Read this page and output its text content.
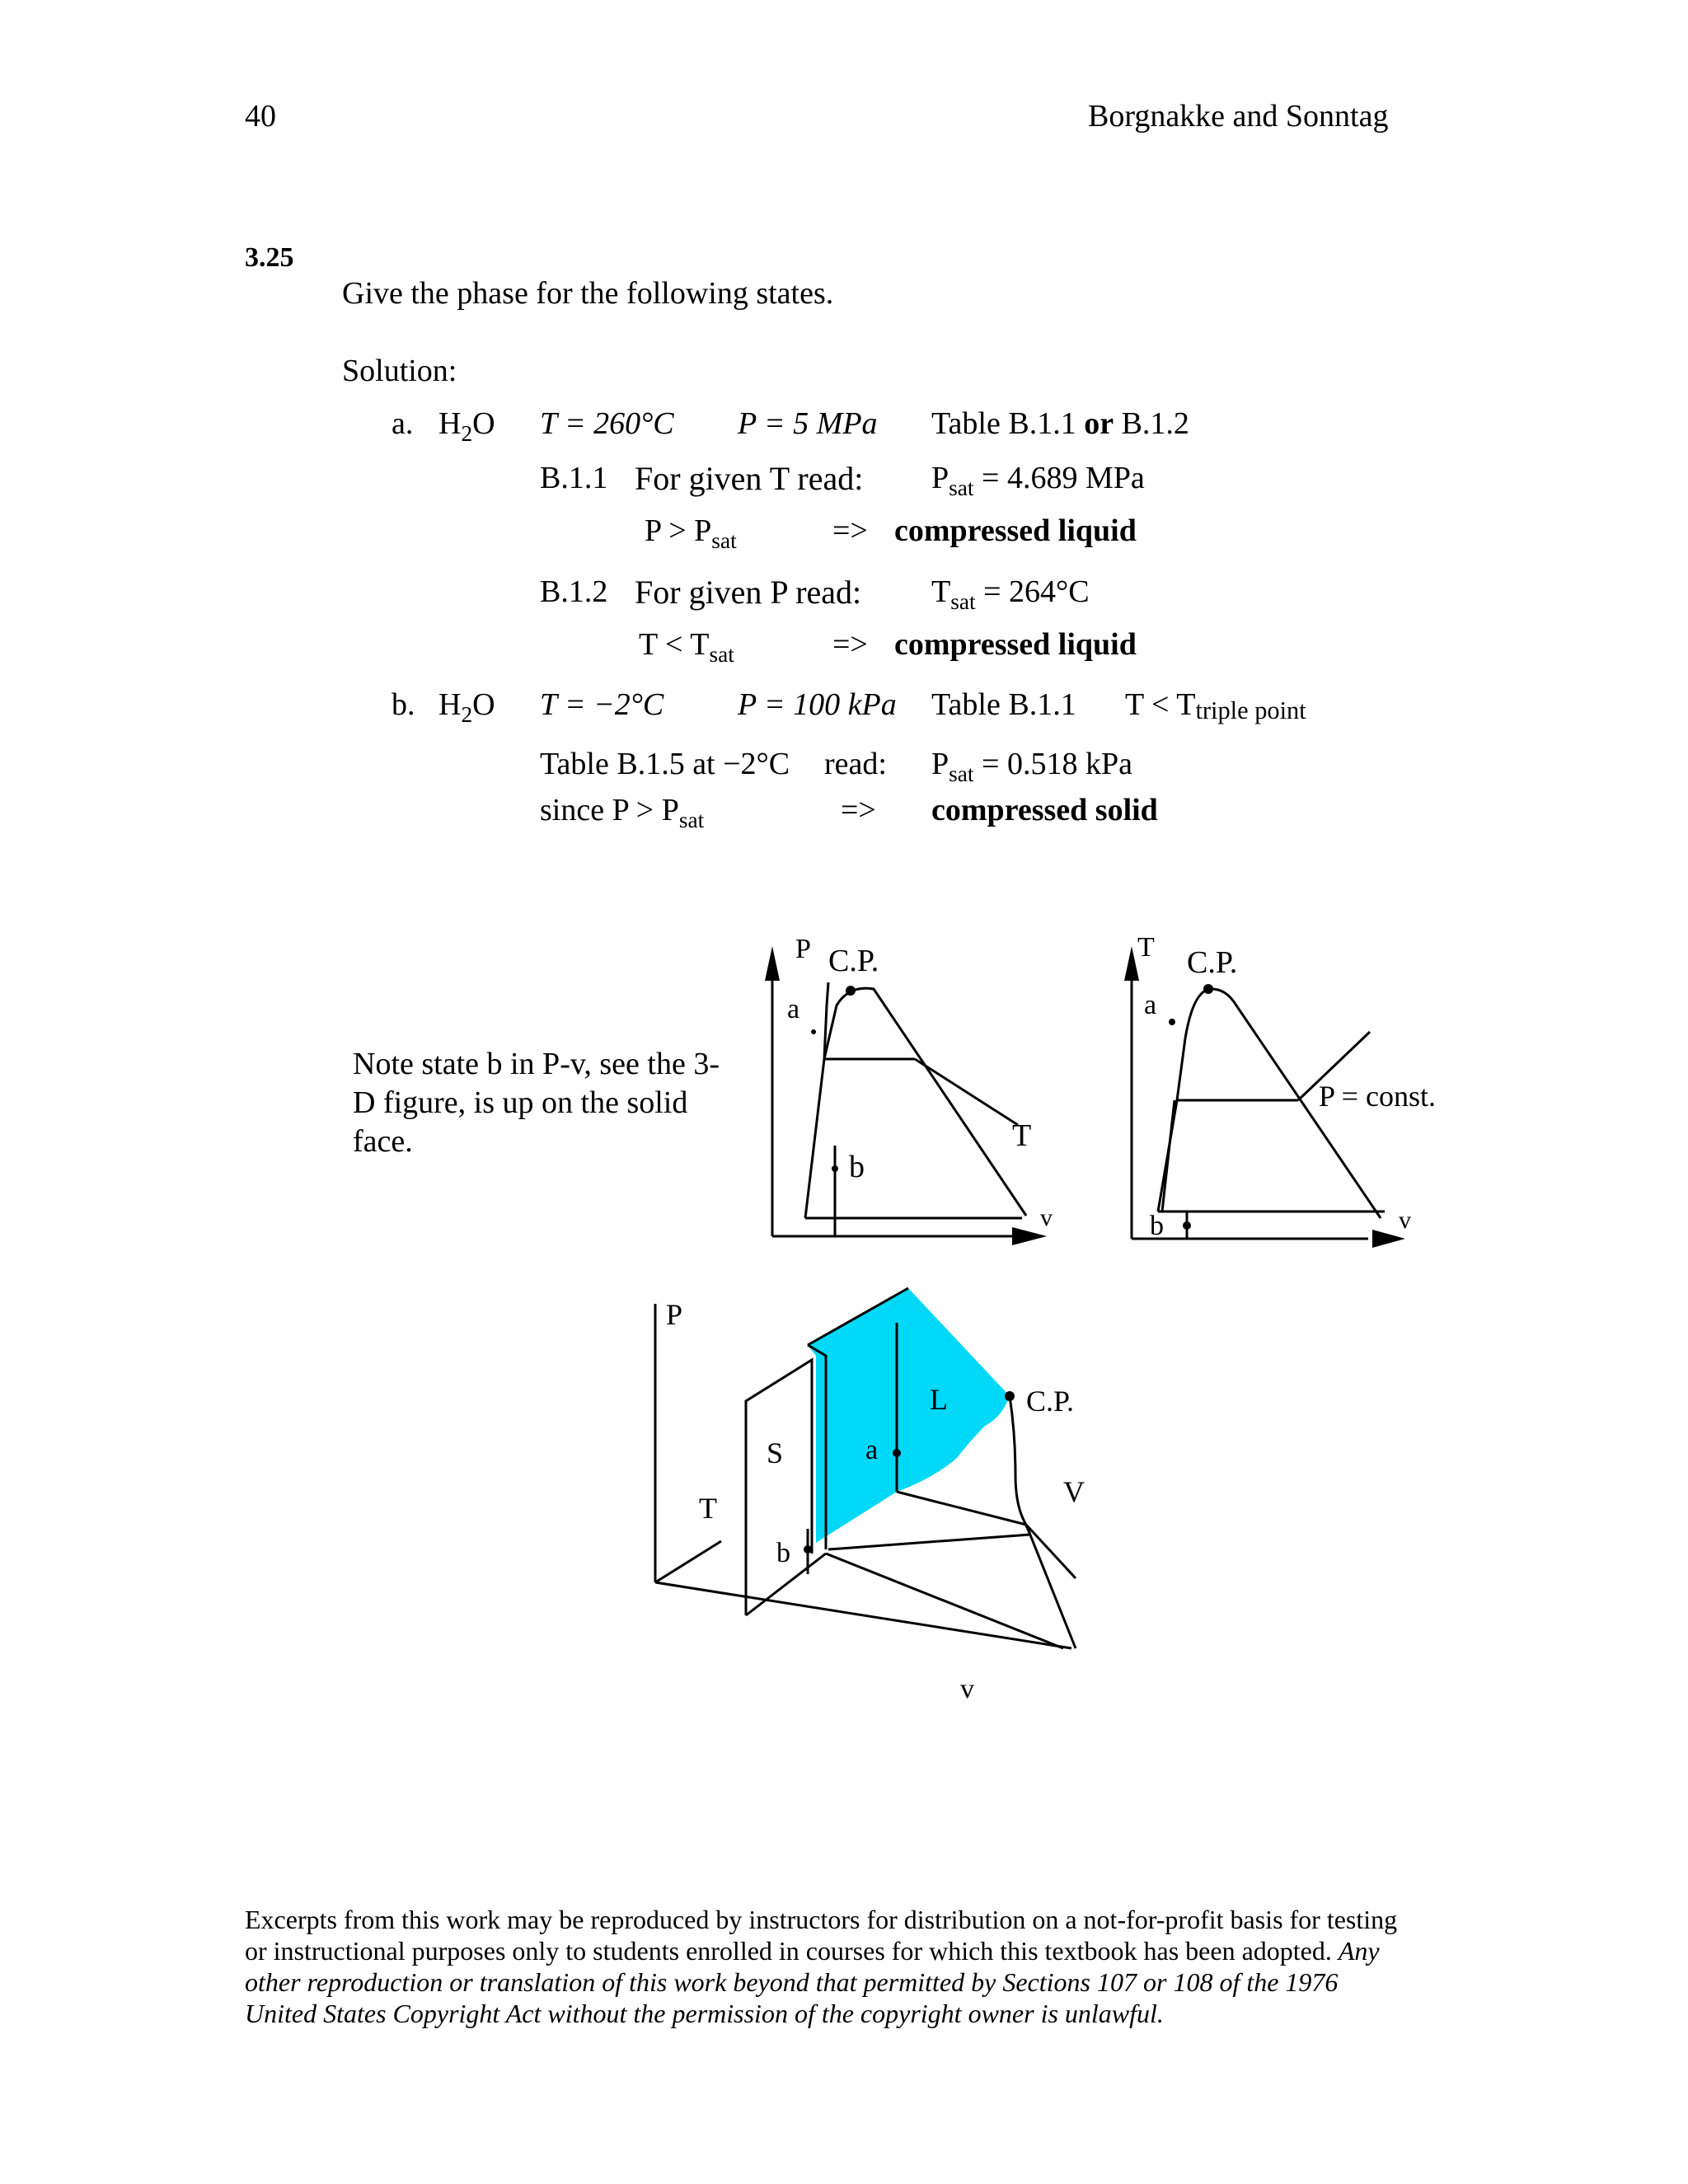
40	Borgnakke and Sonntag
3.25
Give the phase for the following states.
Solution:
a. $H_2O$ T = 260°C P = 5 MPa Table B.1.1 or B.1.2
B.1.1 For given T read: $P_{sat} = 4.689$ MPa
$P > P_{sat}$	=> compressed liquid
B.1.2 For given P read: $T_{sat} = 264^\circ C$
$T < T_{sat}$	=> compressed liquid
b. $H_2O$ T = −2°C P = 100 kPa Table B.1.1 T < Ttriple point
Table B.1.5 at −2°C read: $P_{sat} = 0.518$ kPa
since $P > P_{sat}$	=> compressed solid
Note state b in P-v, see the 3-D figure, is up on the solid face.
P C.P.
a
b
T
v
T C.P.
a
b
P = const.
v
P
T
v
S
L
V
C.P.
a
b
Excerpts from this work may be reproduced by instructors for distribution on a not-for-profit basis for testing or instructional purposes only to students enrolled in courses for which this textbook has been adopted. Any other reproduction or translation of this work beyond that permitted by Sections 107 or 108 of the 1976 United States Copyright Act without the permission of the copyright owner is unlawful.
